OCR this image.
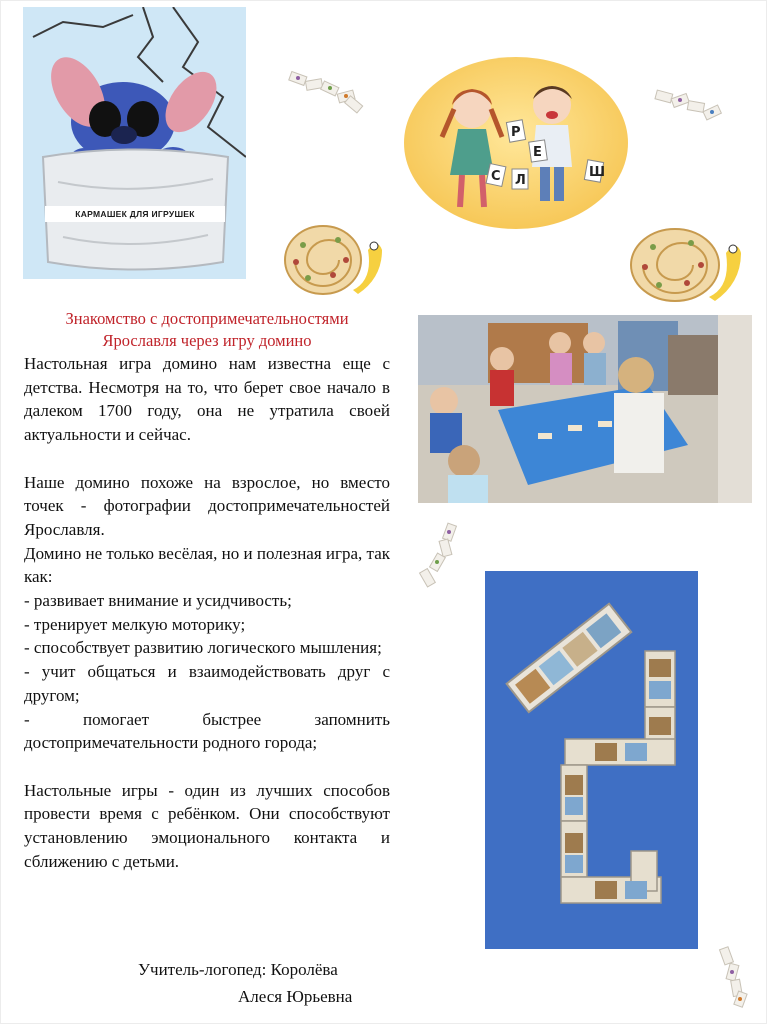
КАРМАШЕК ДЛЯ ИГРУШЕК
Р
С Л
Е
Ш
Знакомство с достопримечательностями
Ярославля через игру домино

Настольная игра домино нам известна еще с детства. Несмотря на то, что берет свое начало в далеком 1700 году, она не утратила своей актуальности и сейчас.

Наше домино похоже на взрослое, но вместо точек - фотографии достопримечательностей Ярославля.

Домино не только весёлая, но и полезная игра, так как:

- развивает внимание и усидчивость;

- тренирует мелкую моторику;

- способствует развитию логического мышления;

- учит общаться и взаимодействовать друг с другом;

- помогает быстрее запомнить достопримечательности родного города;

Настольные игры - один из лучших способов провести время с ребёнком. Они способствуют установлению эмоционального контакта и сближению с детьми.

Учитель-логопед: Королёва
Алеся Юрьевна
